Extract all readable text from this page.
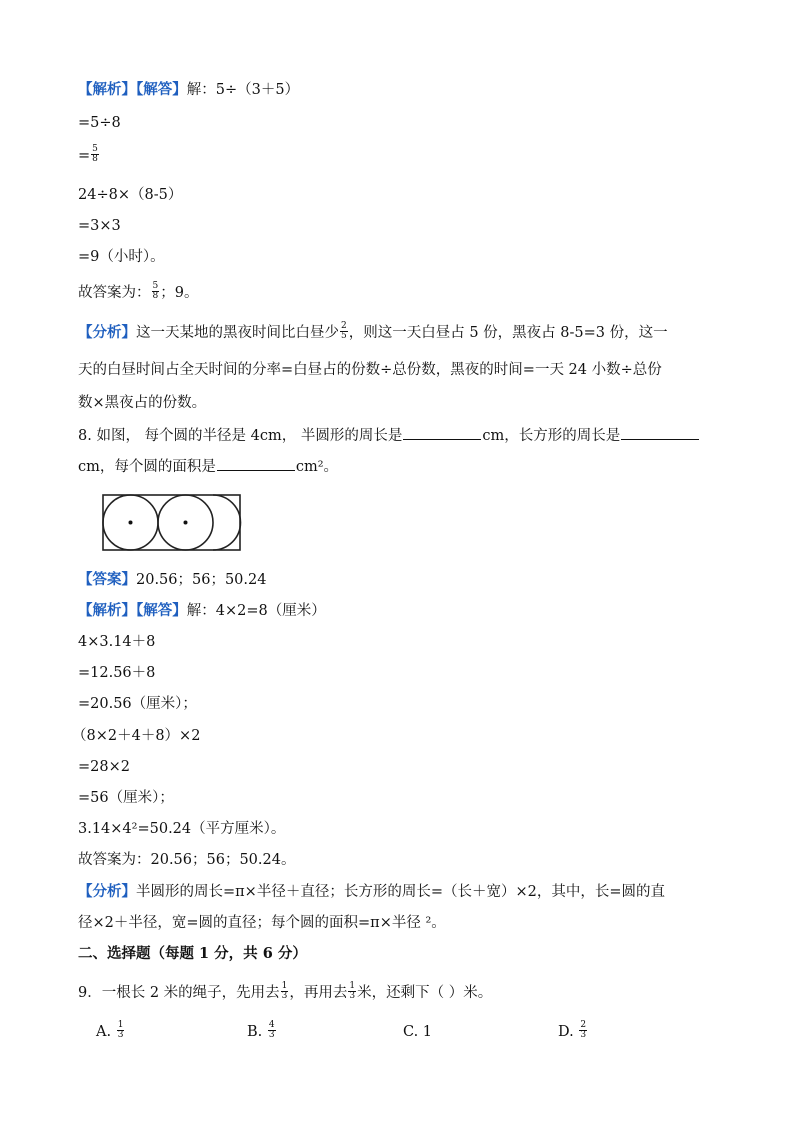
【解析】【解答】解：5÷（3＋5）
=5÷8
= $\frac{5}{8}$
24÷8×（8-5）
=3×3
=9（小时）。
故答案为： $\frac{5}{8}$ ；9。
【分析】这一天某地的黑夜时间比白昼少 $\frac{2}{5}$ ，则这一天白昼占 5 份，黑夜占 8-5=3 份，这一
天的白昼时间占全天时间的分率=白昼占的份数÷总份数，黑夜的时间=一天 24 小数÷总份
数×黑夜占的份数。
8. 如图， 每个圆的半径是 4cm， 半圆形的周长是	cm，长方形的周长是
cm，每个圆的面积是	cm²。
【答案】20.56；56；50.24
【解析】【解答】解：4×2=8（厘米）
4×3.14＋8
=12.56＋8
=20.56（厘米）；
（8×2＋4＋8）×2
=28×2
=56（厘米）；
3.14×4²=50.24（平方厘米）。
故答案为：20.56；56；50.24。
【分析】半圆形的周长=π×半径＋直径；长方形的周长=（长＋宽）×2，其中，长=圆的直
径×2＋半径，宽=圆的直径；每个圆的面积=π×半径 ²。
二、选择题（每题 1 分，共 6 分）
9．一根长 2 米的绳子，先用去 $\frac{1}{3}$ ，再用去 $\frac{1}{3}$ 米，还剩下（ ）米。
A. $\frac{1}{3}$	B. $\frac{4}{3}$	C. 1	D. $\frac{2}{3}$
